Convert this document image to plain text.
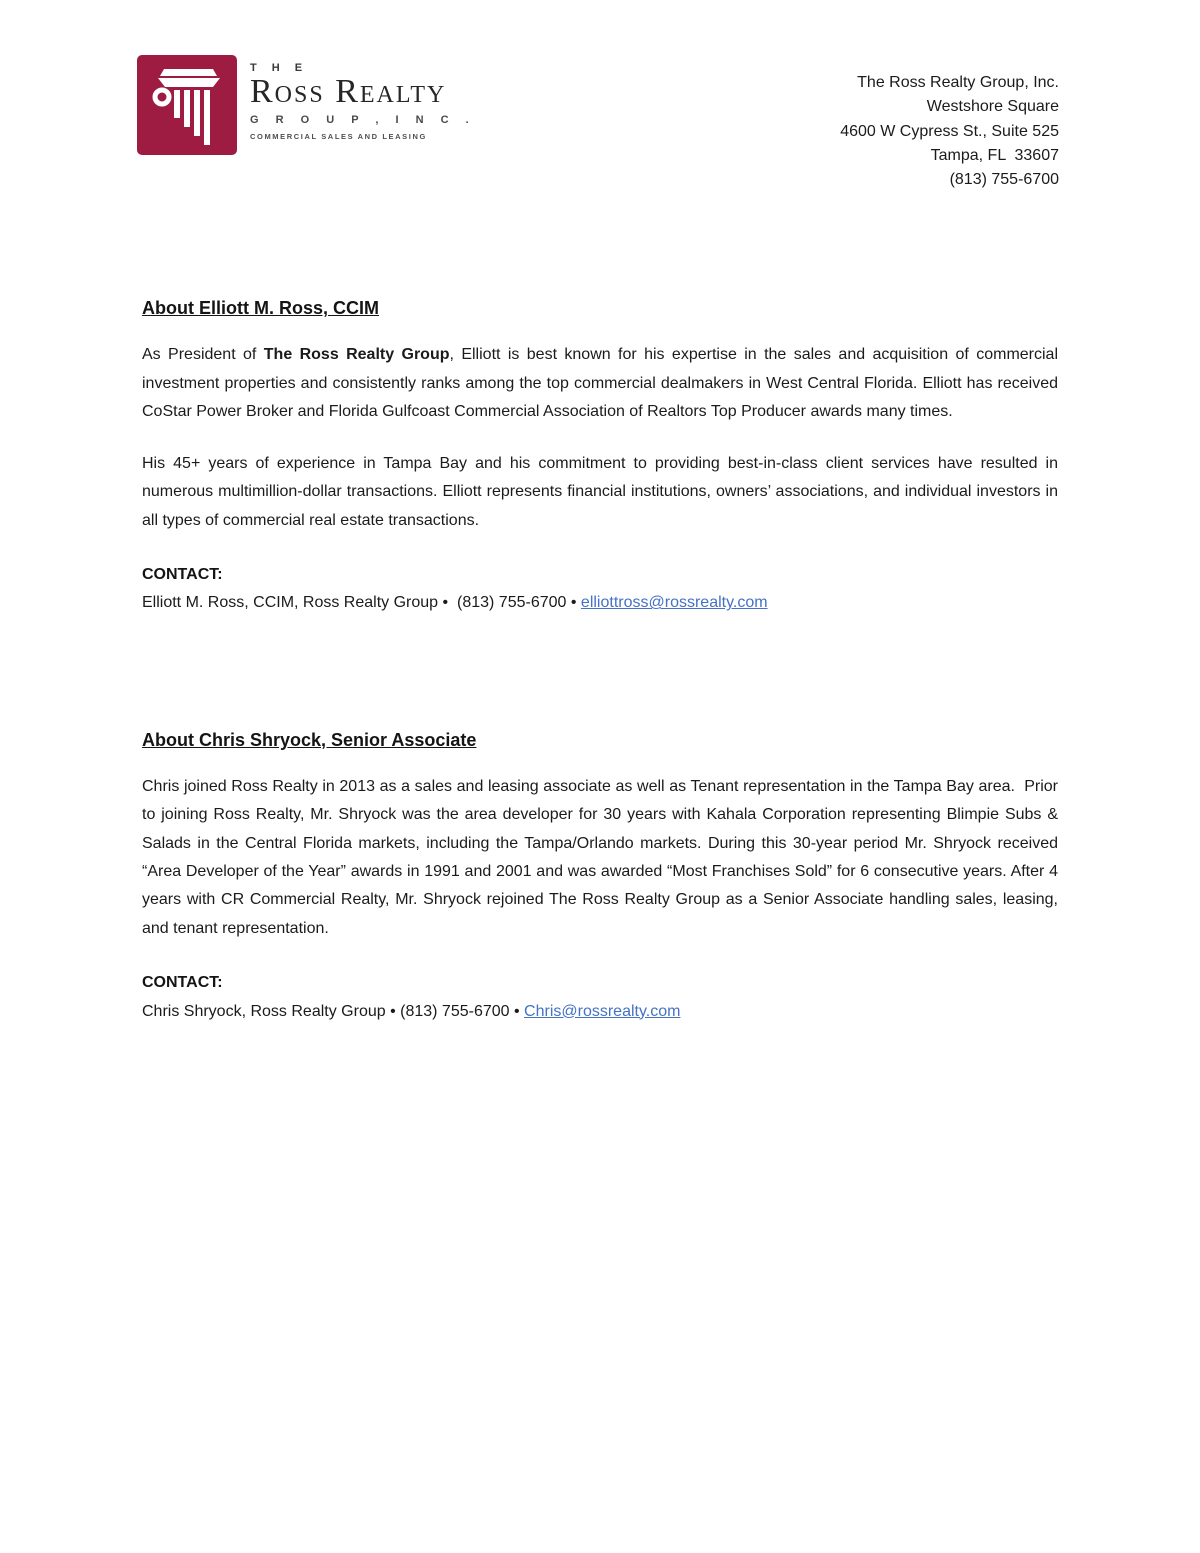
T H E
Ross Realty
G R O U P , I N C .
COMMERCIAL SALES AND LEASING
The Ross Realty Group, Inc.
Westshore Square
4600 W Cypress St., Suite 525
Tampa, FL  33607
(813) 755-6700
About Elliott M. Ross, CCIM

As President of The Ross Realty Group, Elliott is best known for his expertise in the sales and acquisition of commercial investment properties and consistently ranks among the top commercial dealmakers in West Central Florida. Elliott has received CoStar Power Broker and Florida Gulfcoast Commercial Association of Realtors Top Producer awards many times.

His 45+ years of experience in Tampa Bay and his commitment to providing best-in-class client services have resulted in numerous multimillion-dollar transactions. Elliott represents financial institutions, owners’ associations, and individual investors in all types of commercial real estate transactions.

CONTACT:
Elliott M. Ross, CCIM, Ross Realty Group •  (813) 755-6700 • elliottross@rossrealty.com
About Chris Shryock, Senior Associate

Chris joined Ross Realty in 2013 as a sales and leasing associate as well as Tenant representation in the Tampa Bay area.  Prior to joining Ross Realty, Mr. Shryock was the area developer for 30 years with Kahala Corporation representing Blimpie Subs & Salads in the Central Florida markets, including the Tampa/Orlando markets. During this 30-year period Mr. Shryock received “Area Developer of the Year” awards in 1991 and 2001 and was awarded “Most Franchises Sold” for 6 consecutive years. After 4 years with CR Commercial Realty, Mr. Shryock rejoined The Ross Realty Group as a Senior Associate handling sales, leasing, and tenant representation.

CONTACT:
Chris Shryock, Ross Realty Group • (813) 755-6700 • Chris@rossrealty.com
